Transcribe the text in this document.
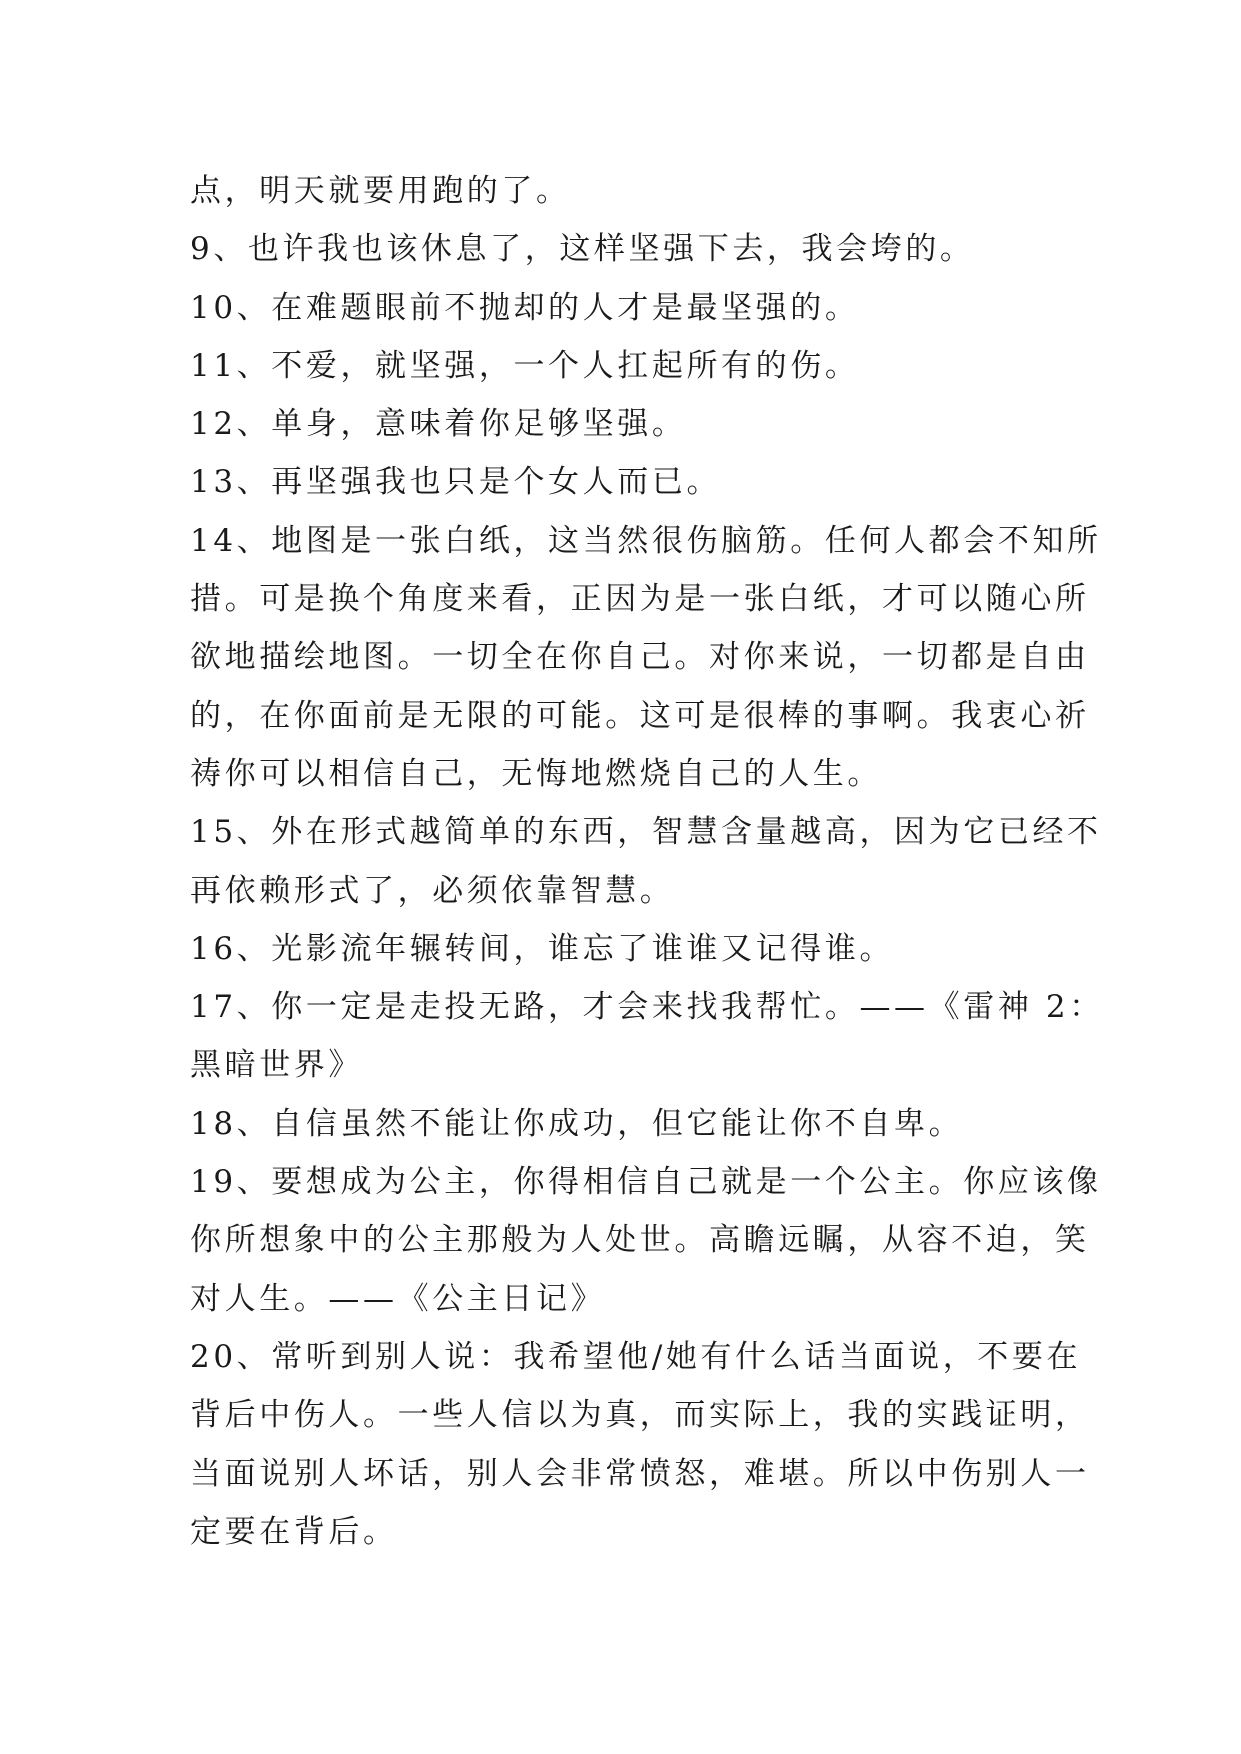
点，明天就要用跑的了。
9、也许我也该休息了，这样坚强下去，我会垮的。
10、在难题眼前不抛却的人才是最坚强的。
11、不爱，就坚强，一个人扛起所有的伤。
12、单身，意味着你足够坚强。
13、再坚强我也只是个女人而已。
14、地图是一张白纸，这当然很伤脑筋。任何人都会不知所
措。可是换个角度来看，正因为是一张白纸，才可以随心所
欲地描绘地图。一切全在你自己。对你来说，一切都是自由
的，在你面前是无限的可能。这可是很棒的事啊。我衷心祈
祷你可以相信自己，无悔地燃烧自己的人生。
15、外在形式越简单的东西，智慧含量越高，因为它已经不
再依赖形式了，必须依靠智慧。
16、光影流年辗转间，谁忘了谁谁又记得谁。
17、你一定是走投无路，才会来找我帮忙。——《雷神 2：
黑暗世界》
18、自信虽然不能让你成功，但它能让你不自卑。
19、要想成为公主，你得相信自己就是一个公主。你应该像
你所想象中的公主那般为人处世。高瞻远瞩，从容不迫，笑
对人生。——《公主日记》
20、常听到别人说：我希望他/她有什么话当面说，不要在
背后中伤人。一些人信以为真，而实际上，我的实践证明，
当面说别人坏话，别人会非常愤怒，难堪。所以中伤别人一
定要在背后。
